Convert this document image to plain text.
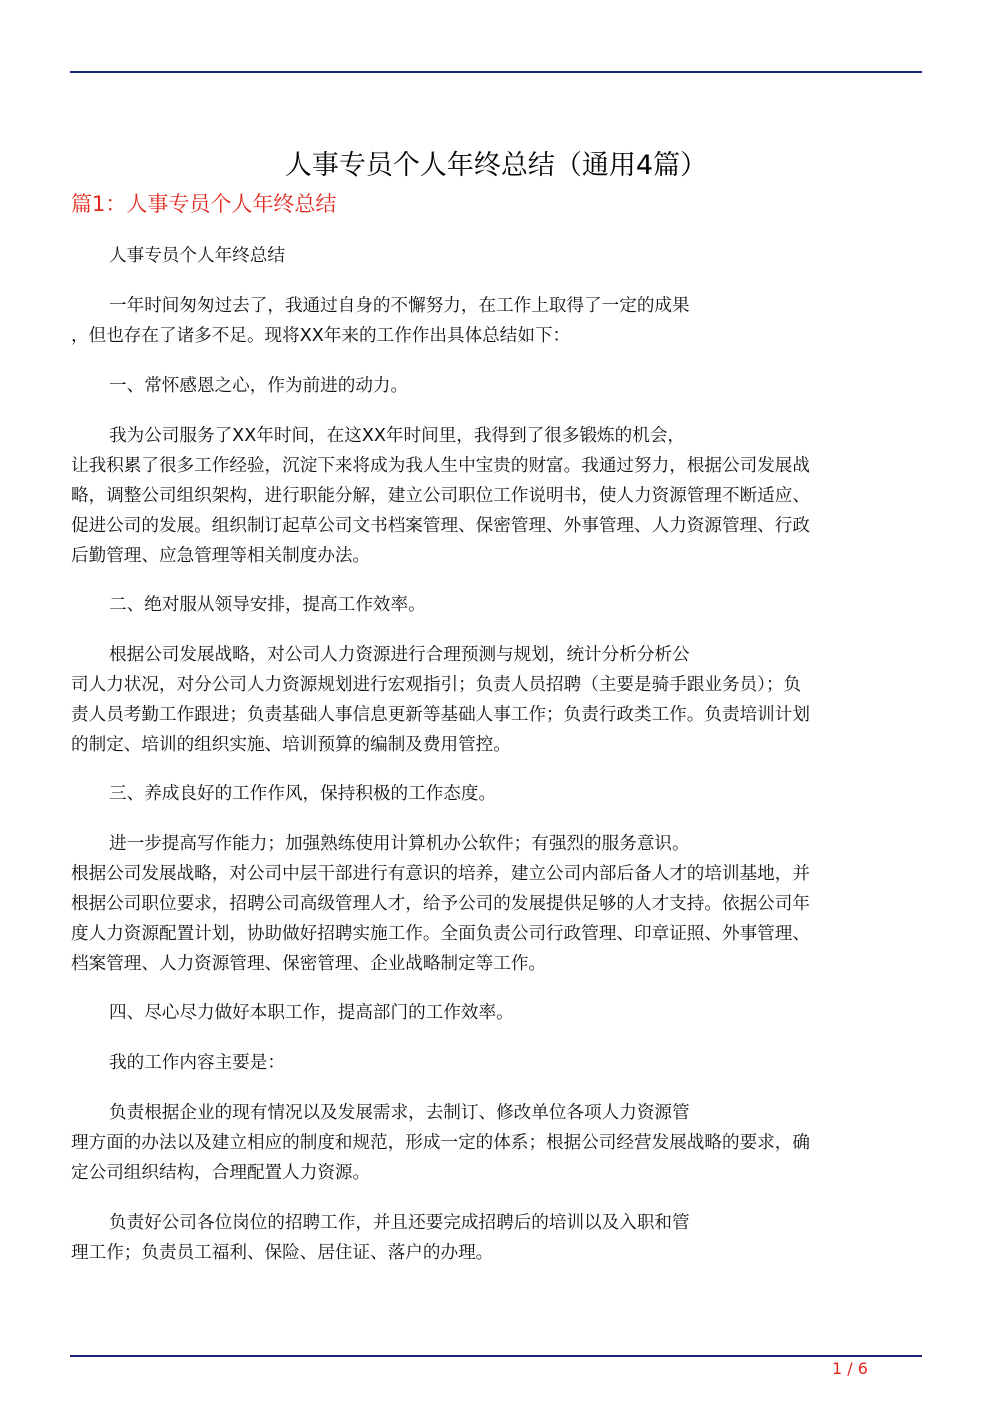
人事专员个人年终总结（通用4篇）
篇1：人事专员个人年终总结
人事专员个人年终总结
一年时间匆匆过去了，我通过自身的不懈努力，在工作上取得了一定的成果
，但也存在了诸多不足。现将XX年来的工作作出具体总结如下：
一、常怀感恩之心，作为前进的动力。
我为公司服务了XX年时间，在这XX年时间里，我得到了很多锻炼的机会，
让我积累了很多工作经验，沉淀下来将成为我人生中宝贵的财富。我通过努力，根据公司发展战
略，调整公司组织架构，进行职能分解，建立公司职位工作说明书，使人力资源管理不断适应、
促进公司的发展。组织制订起草公司文书档案管理、保密管理、外事管理、人力资源管理、行政
后勤管理、应急管理等相关制度办法。
二、绝对服从领导安排，提高工作效率。
根据公司发展战略，对公司人力资源进行合理预测与规划，统计分析分析公
司人力状况，对分公司人力资源规划进行宏观指引；负责人员招聘（主要是骑手跟业务员）；负
责人员考勤工作跟进；负责基础人事信息更新等基础人事工作；负责行政类工作。负责培训计划
的制定、培训的组织实施、培训预算的编制及费用管控。
三、养成良好的工作作风，保持积极的工作态度。
进一步提高写作能力；加强熟练使用计算机办公软件；有强烈的服务意识。
根据公司发展战略，对公司中层干部进行有意识的培养，建立公司内部后备人才的培训基地，并
根据公司职位要求，招聘公司高级管理人才，给予公司的发展提供足够的人才支持。依据公司年
度人力资源配置计划，协助做好招聘实施工作。全面负责公司行政管理、印章证照、外事管理、
档案管理、人力资源管理、保密管理、企业战略制定等工作。
四、尽心尽力做好本职工作，提高部门的工作效率。
我的工作内容主要是：
负责根据企业的现有情况以及发展需求，去制订、修改单位各项人力资源管
理方面的办法以及建立相应的制度和规范，形成一定的体系；根据公司经营发展战略的要求，确
定公司组织结构，合理配置人力资源。
负责好公司各位岗位的招聘工作，并且还要完成招聘后的培训以及入职和管
理工作；负责员工福利、保险、居住证、落户的办理。
1 / 6
